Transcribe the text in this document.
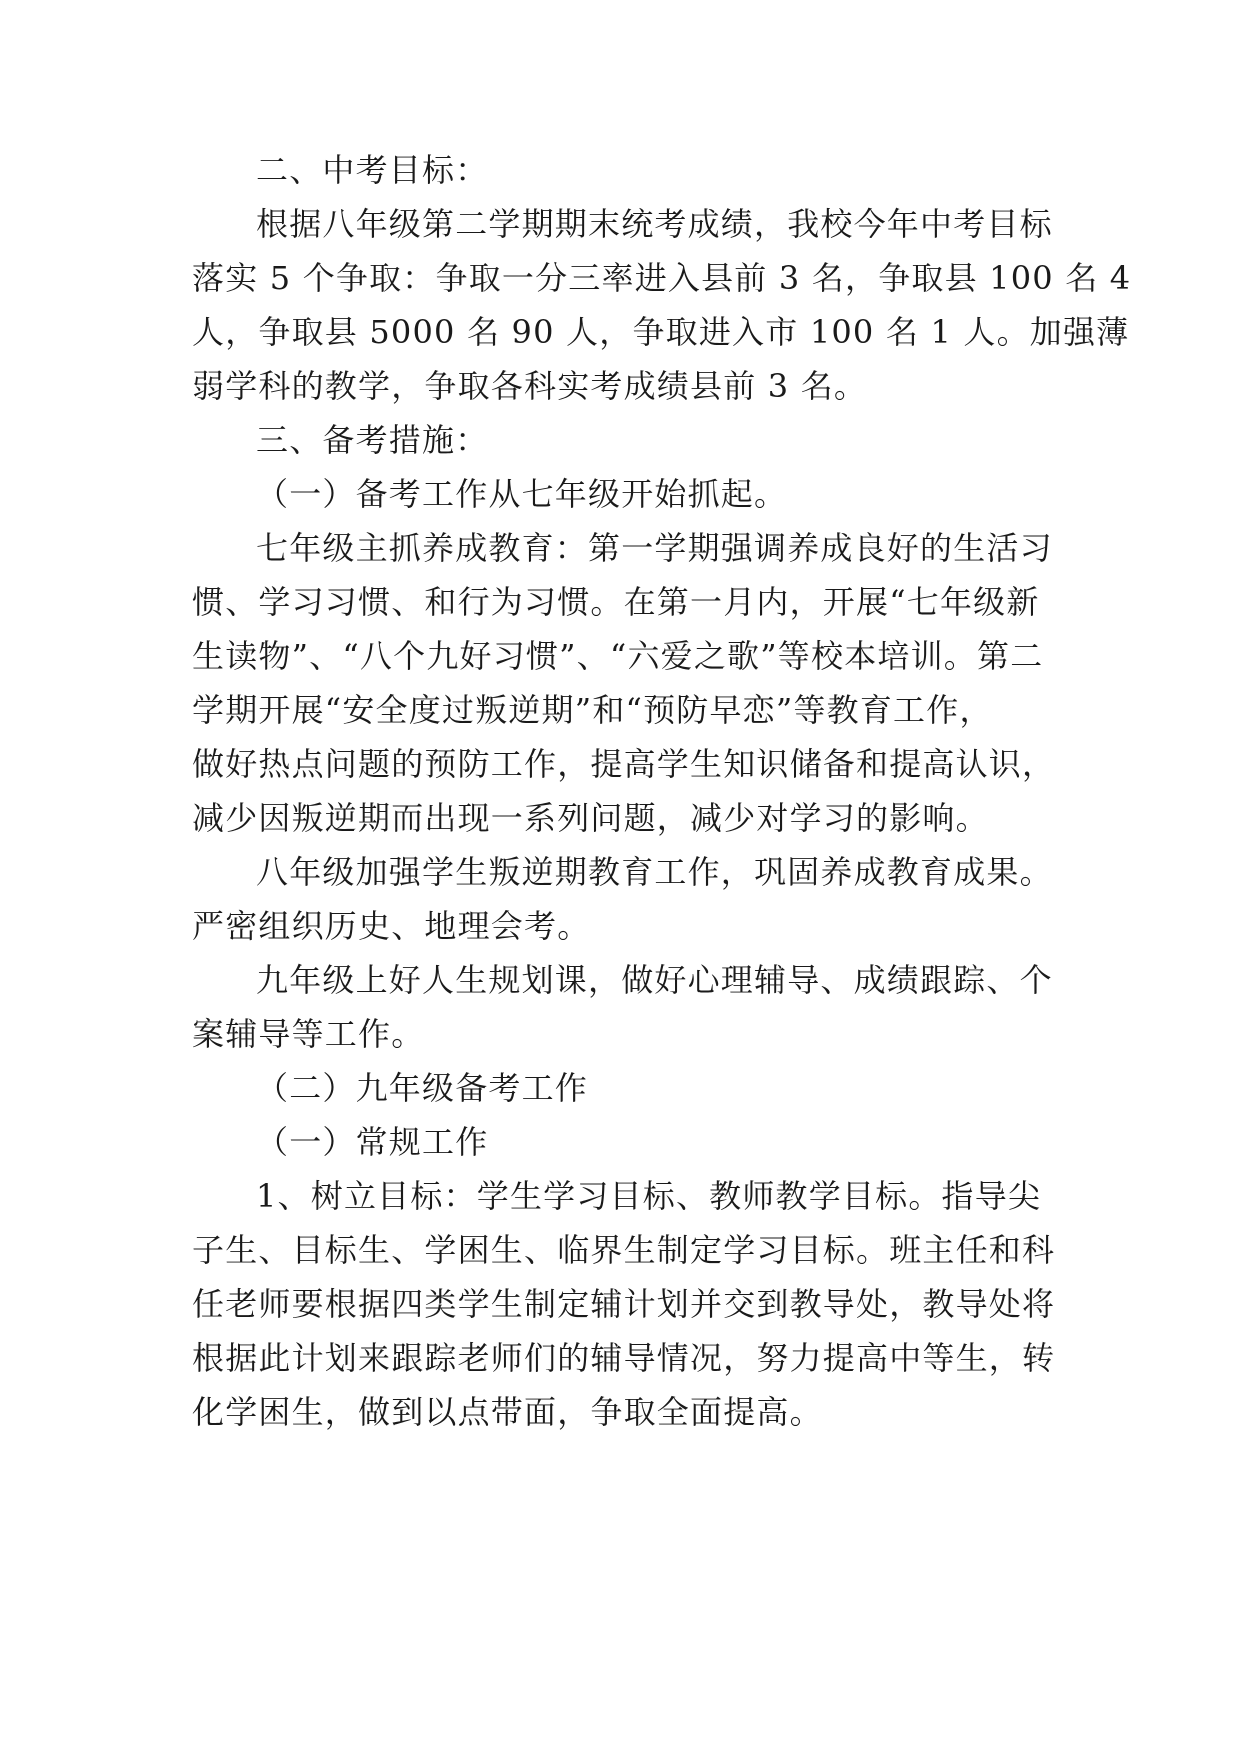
二、中考目标：
根据八年级第二学期期末统考成绩，我校今年中考目标
落实 5 个争取：争取一分三率进入县前 3 名，争取县 100 名 4
人，争取县 5000 名 90 人，争取进入市 100 名 1 人。加强薄
弱学科的教学，争取各科实考成绩县前 3 名。
三、备考措施：
（一）备考工作从七年级开始抓起。
七年级主抓养成教育：第一学期强调养成良好的生活习
惯、学习习惯、和行为习惯。在第一月内，开展“七年级新
生读物”、“八个九好习惯”、“六爱之歌”等校本培训。第二
学期开展“安全度过叛逆期”和“预防早恋”等教育工作，
做好热点问题的预防工作，提高学生知识储备和提高认识，
减少因叛逆期而出现一系列问题，减少对学习的影响。
八年级加强学生叛逆期教育工作，巩固养成教育成果。
严密组织历史、地理会考。
九年级上好人生规划课，做好心理辅导、成绩跟踪、个
案辅导等工作。
（二）九年级备考工作
（一）常规工作
1、树立目标：学生学习目标、教师教学目标。指导尖
子生、目标生、学困生、临界生制定学习目标。班主任和科
任老师要根据四类学生制定辅计划并交到教导处，教导处将
根据此计划来跟踪老师们的辅导情况，努力提高中等生，转
化学困生，做到以点带面，争取全面提高。
